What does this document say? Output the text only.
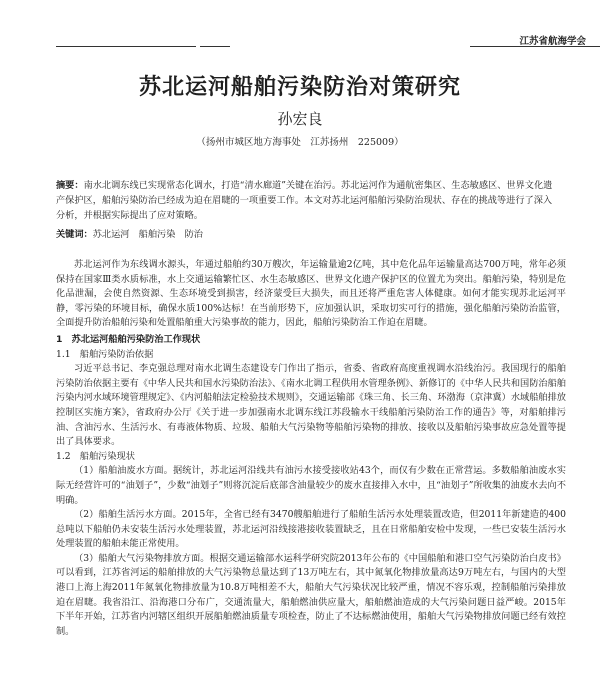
江苏省航海学会
苏北运河船舶污染防治对策研究
孙宏良
（扬州市城区地方海事处　江苏扬州　225009）

摘要：南水北调东线已实现常态化调水，打造“清水廊道”关键在治污。苏北运河作为通航密集区、生态敏感区、世界文化遗产保护区，船舶污染防治已经成为迫在眉睫的一项重要工作。本文对苏北运河船舶污染防治现状、存在的挑战等进行了深入分析，并根据实际提出了应对策略。

关键词：苏北运河　船舶污染　防治

苏北运河作为东线调水源头，年通过船舶约30万艘次，年运输量逾2亿吨，其中危化品年运输量高达700万吨，常年必须保持在国家Ⅲ类水质标准，水上交通运输繁忙区、水生态敏感区、世界文化遗产保护区的位置尤为突出。船舶污染，特别是危化品泄漏，会使自然资源、生态环境受到损害，经济蒙受巨大损失，而且还将严重危害人体健康。如何才能实现苏北运河平静，零污染的环境目标，确保水质100%达标！在当前形势下，应加强认识，采取切实可行的措施，强化船舶污染防治监管，全面提升防治船舶污染和处置船舶重大污染事故的能力，因此，船舶污染防治工作迫在眉睫。

1　苏北运河船舶污染防治工作现状
1.1　船舶污染防治依据

习近平总书记、李克强总理对南水北调生态建设专门作出了指示，省委、省政府高度重视调水沿线治污。我国现行的船舶污染防治依据主要有《中华人民共和国水污染防治法》、《南水北调工程供用水管理条例》、新修订的《中华人民共和国防治船舶污染内河水域环境管理规定》、《内河船舶法定检验技术规则》，交通运输部《珠三角、长三角、环渤海（京津冀）水域船舶排放控制区实施方案》，省政府办公厅《关于进一步加强南水北调东线江苏段输水干线船舶污染防治工作的通告》等，对船舶排污油、含油污水、生活污水、有毒液体物质、垃圾、船舶大气污染物等船舶污染物的排放、接收以及船舶污染事故应急处置等提出了具体要求。

1.2　船舶污染现状

（1）船舶油废水方面。据统计，苏北运河沿线共有油污水接受接收站43个，而仅有少数在正常营运。多数船舶油废水实际无经营许可的“油划子”，少数“油划子”则将沉淀后底部含油量较少的废水直接排入水中，且“油划子”所收集的油废水去向不明确。

（2）船舶生活污水方面。2015年，全省已经有3470艘船舶进行了船舶生活污水处理装置改造，但2011年新建造的400总吨以下船舶仍未安装生活污水处理装置，苏北运河沿线接港接收装置缺乏，且在日常船舶安检中发现，一些已安装生活污水处理装置的船舶未能正常使用。

（3）船舶大气污染物排放方面。根据交通运输部水运科学研究院2013年公布的《中国船舶和港口空气污染防治白皮书》可以看到，江苏省河运的船舶排放的大气污染物总量达到了13万吨左右，其中氮氧化物排放量高达9万吨左右，与国内的大型港口上海上海2011年氮氧化物排放量为10.8万吨相差不大，船舶大气污染状况比较严重，情况不容乐观，控制船舶污染排放迫在眉睫。我省沿江、沿海港口分布广，交通流量大，船舶燃油供应量大，船舶燃油造成的大气污染问题日益严峻。2015年下半年开始，江苏省内河辖区组织开展船舶燃油质量专项检查，防止了不达标燃油使用，船舶大气污染物排放问题已经有效控制。
